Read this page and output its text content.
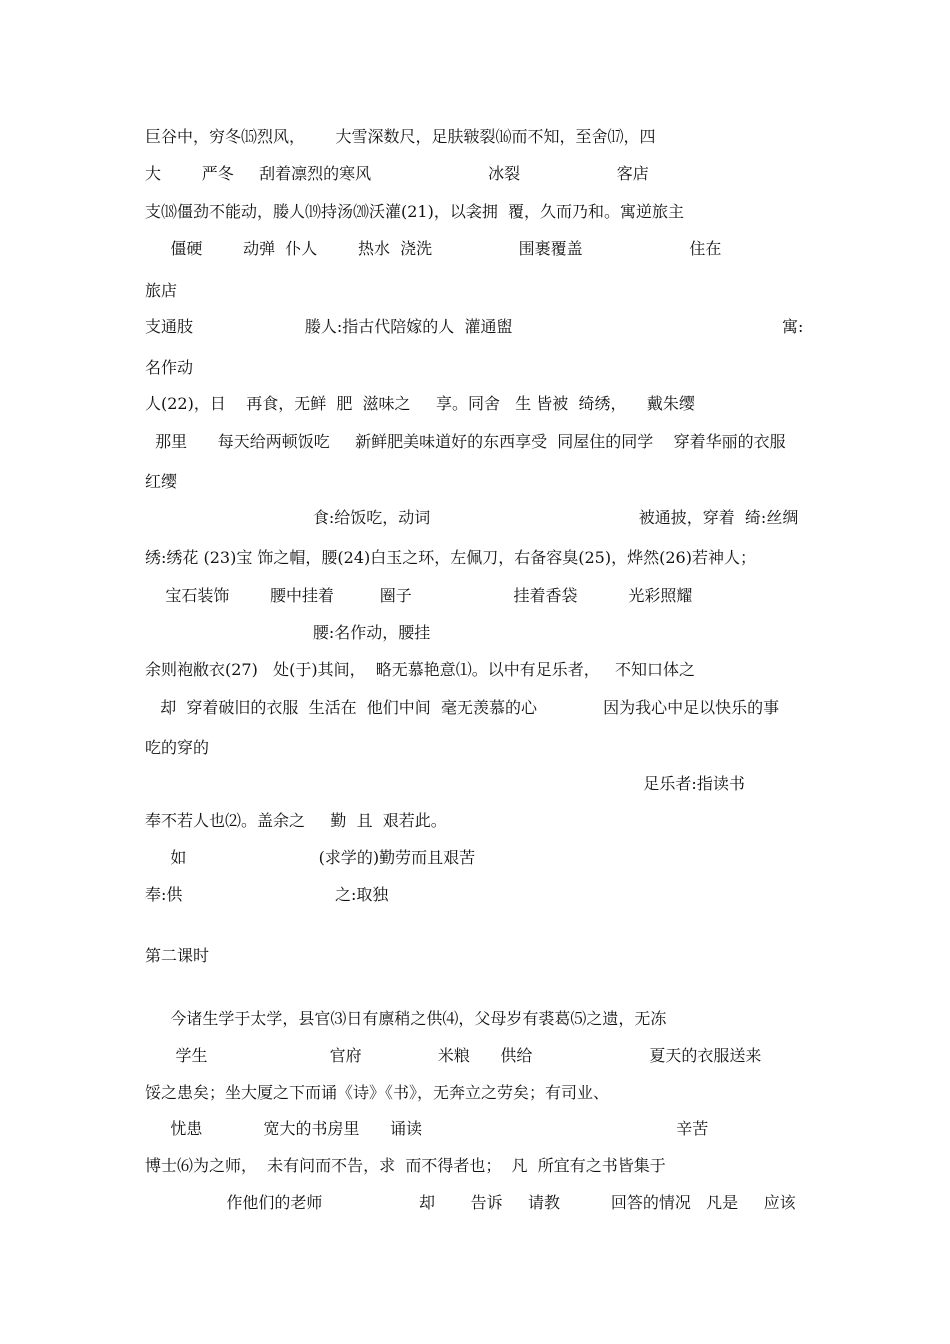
巨谷中，穷冬⒂烈风，      大雪深数尺，足肤皲裂⒃而不知，至舍⒄，四
大        严冬     刮着凛烈的寒风                       冰裂                   客店
支⒅僵劲不能动，媵人⒆持汤⒇沃灌(21)，以衾拥  覆，久而乃和。寓逆旅主
僵硬        动弹  仆人        热水  浇洗                 围裹覆盖                     住在
旅店
支通肢                      媵人:指古代陪嫁的人  灌通盥                                                     寓:
名作动
人(22)，日    再食，无鲜  肥  滋味之     享。同舍   生 皆被  绮绣，    戴朱缨
那里      每天给两顿饭吃     新鲜肥美味道好的东西享受  同屋住的同学    穿着华丽的衣服
红缨
食:给饭吃，动词                                         被通披，穿着  绮:丝绸
绣:绣花 (23)宝 饰之帽，腰(24)白玉之环，左佩刀，右备容臭(25)，烨然(26)若神人；
宝石装饰        腰中挂着         圈子                    挂着香袋          光彩照耀
腰:名作动，腰挂
余则袍敝衣(27)   处(于)其间，  略无慕艳意⑴。以中有足乐者，   不知口体之
却  穿着破旧的衣服  生活在  他们中间  毫无羡慕的心             因为我心中足以快乐的事
吃的穿的
足乐者:指读书
奉不若人也⑵。盖余之     勤  且  艰若此。
如                          (求学的)勤劳而且艰苦
奉:供                              之:取独
第二课时
今诸生学于太学，县官⑶日有廪稍之供⑷，父母岁有裘葛⑸之遗，无冻
学生                        官府               米粮      供给                       夏天的衣服送来
馁之患矣；坐大厦之下而诵《诗》《书》，无奔立之劳矣；有司业、
忧患            宽大的书房里      诵读                                                  辛苦
博士⑹为之师，  未有问而不告，求  而不得者也；  凡  所宜有之书皆集于
作他们的老师                   却       告诉     请教          回答的情况   凡是     应该
